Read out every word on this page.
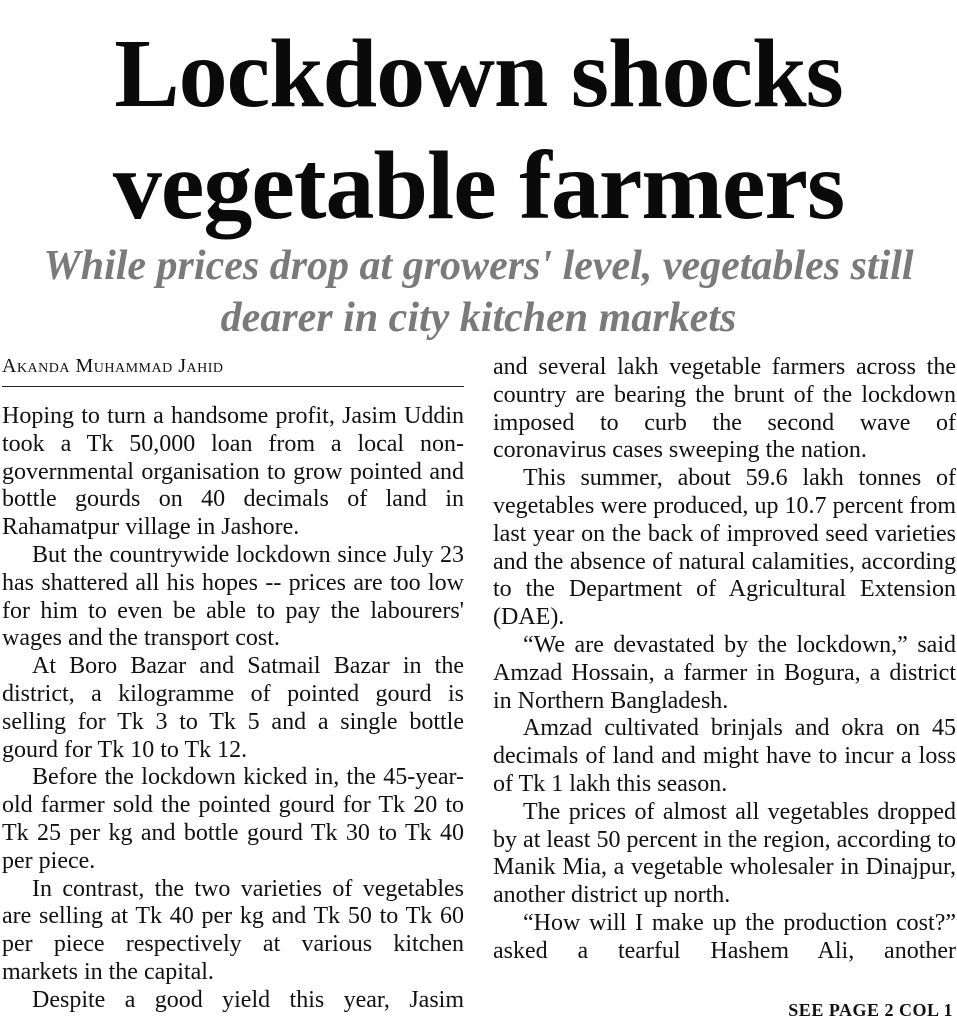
Lockdown shocks vegetable farmers
While prices drop at growers' level, vegetables still dearer in city kitchen markets
Akanda Muhammad Jahid

Hoping to turn a handsome profit, Jasim Uddin took a Tk 50,000 loan from a local non-governmental organisation to grow pointed and bottle gourds on 40 decimals of land in Rahamatpur village in Jashore.

But the countrywide lockdown since July 23 has shattered all his hopes -- prices are too low for him to even be able to pay the labourers' wages and the transport cost.

At Boro Bazar and Satmail Bazar in the district, a kilogramme of pointed gourd is selling for Tk 3 to Tk 5 and a single bottle gourd for Tk 10 to Tk 12.

Before the lockdown kicked in, the 45-year-old farmer sold the pointed gourd for Tk 20 to Tk 25 per kg and bottle gourd Tk 30 to Tk 40 per piece.

In contrast, the two varieties of vegetables are selling at Tk 40 per kg and Tk 50 to Tk 60 per piece respectively at various kitchen markets in the capital.

Despite a good yield this year, Jasim

and several lakh vegetable farmers across the country are bearing the brunt of the lockdown imposed to curb the second wave of coronavirus cases sweeping the nation.

This summer, about 59.6 lakh tonnes of vegetables were produced, up 10.7 percent from last year on the back of improved seed varieties and the absence of natural calamities, according to the Department of Agricultural Extension (DAE).

“We are devastated by the lockdown,” said Amzad Hossain, a farmer in Bogura, a district in Northern Bangladesh.

Amzad cultivated brinjals and okra on 45 decimals of land and might have to incur a loss of Tk 1 lakh this season.

The prices of almost all vegetables dropped by at least 50 percent in the region, according to Manik Mia, a vegetable wholesaler in Dinajpur, another district up north.

“How will I make up the production cost?” asked a tearful Hashem Ali, another

SEE PAGE 2 COL 1
